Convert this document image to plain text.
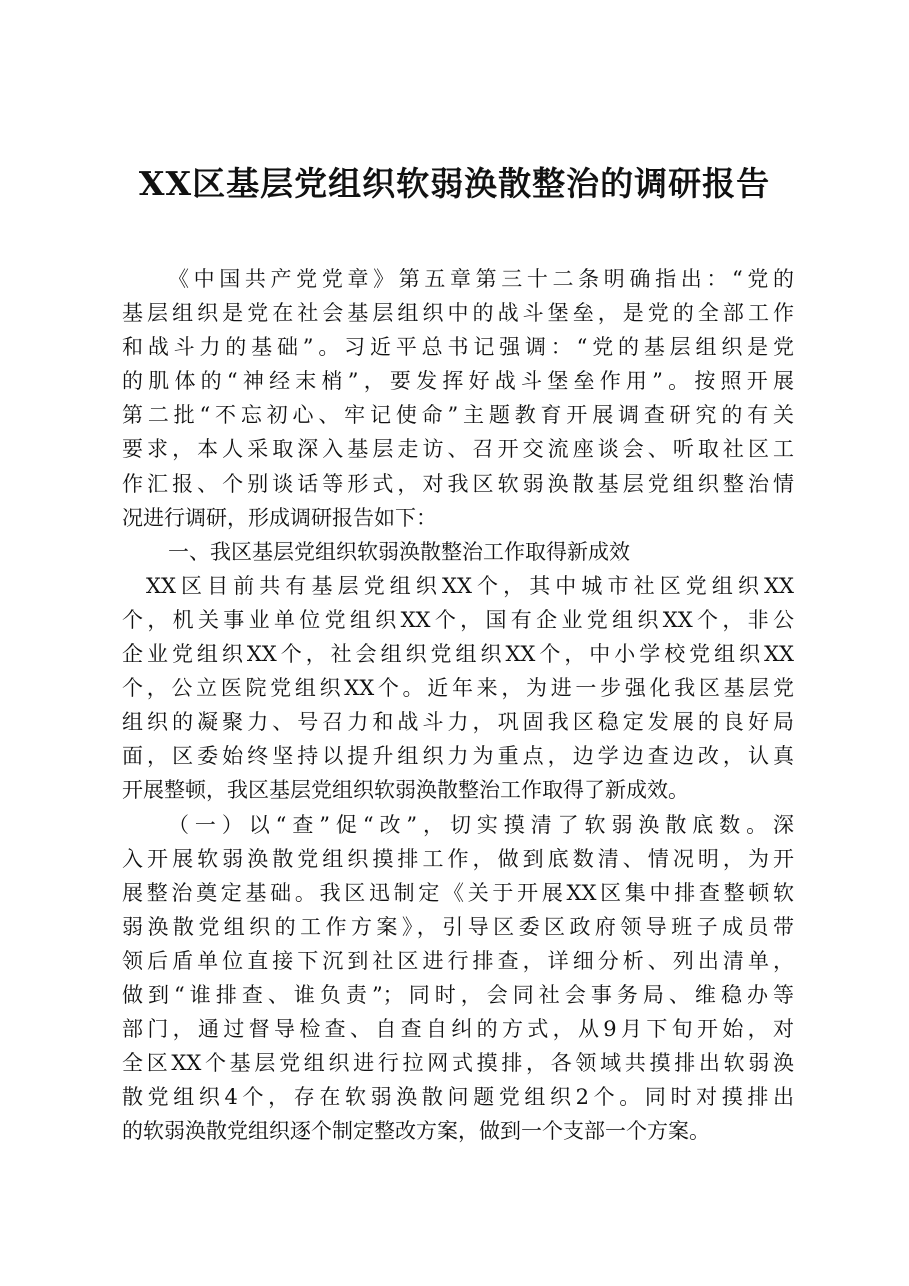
XX区基层党组织软弱涣散整治的调研报告
《中国共产党党章》第五章第三十二条明确指出：“党的
基层组织是党在社会基层组织中的战斗堡垒，是党的全部工作
和战斗力的基础”。习近平总书记强调：“党的基层组织是党
的肌体的“神经末梢”，要发挥好战斗堡垒作用”。按照开展
第二批“不忘初心、牢记使命”主题教育开展调查研究的有关
要求，本人采取深入基层走访、召开交流座谈会、听取社区工
作汇报、个别谈话等形式，对我区软弱涣散基层党组织整治情
况进行调研，形成调研报告如下：
一、我区基层党组织软弱涣散整治工作取得新成效
XX区目前共有基层党组织XX个，其中城市社区党组织XX
个，机关事业单位党组织XX个，国有企业党组织XX个，非公
企业党组织XX个，社会组织党组织XX个，中小学校党组织XX
个，公立医院党组织XX个。近年来，为进一步强化我区基层党
组织的凝聚力、号召力和战斗力，巩固我区稳定发展的良好局
面，区委始终坚持以提升组织力为重点，边学边查边改，认真
开展整顿，我区基层党组织软弱涣散整治工作取得了新成效。
（一）以“查”促“改”，切实摸清了软弱涣散底数。深
入开展软弱涣散党组织摸排工作，做到底数清、情况明，为开
展整治奠定基础。我区迅制定《关于开展XX区集中排查整顿软
弱涣散党组织的工作方案》，引导区委区政府领导班子成员带
领后盾单位直接下沉到社区进行排查，详细分析、列出清单，
做到“谁排查、谁负责”；同时，会同社会事务局、维稳办等
部门，通过督导检查、自查自纠的方式，从9月下旬开始，对
全区XX个基层党组织进行拉网式摸排，各领域共摸排出软弱涣
散党组织4个，存在软弱涣散问题党组织2个。同时对摸排出
的软弱涣散党组织逐个制定整改方案，做到一个支部一个方案。
